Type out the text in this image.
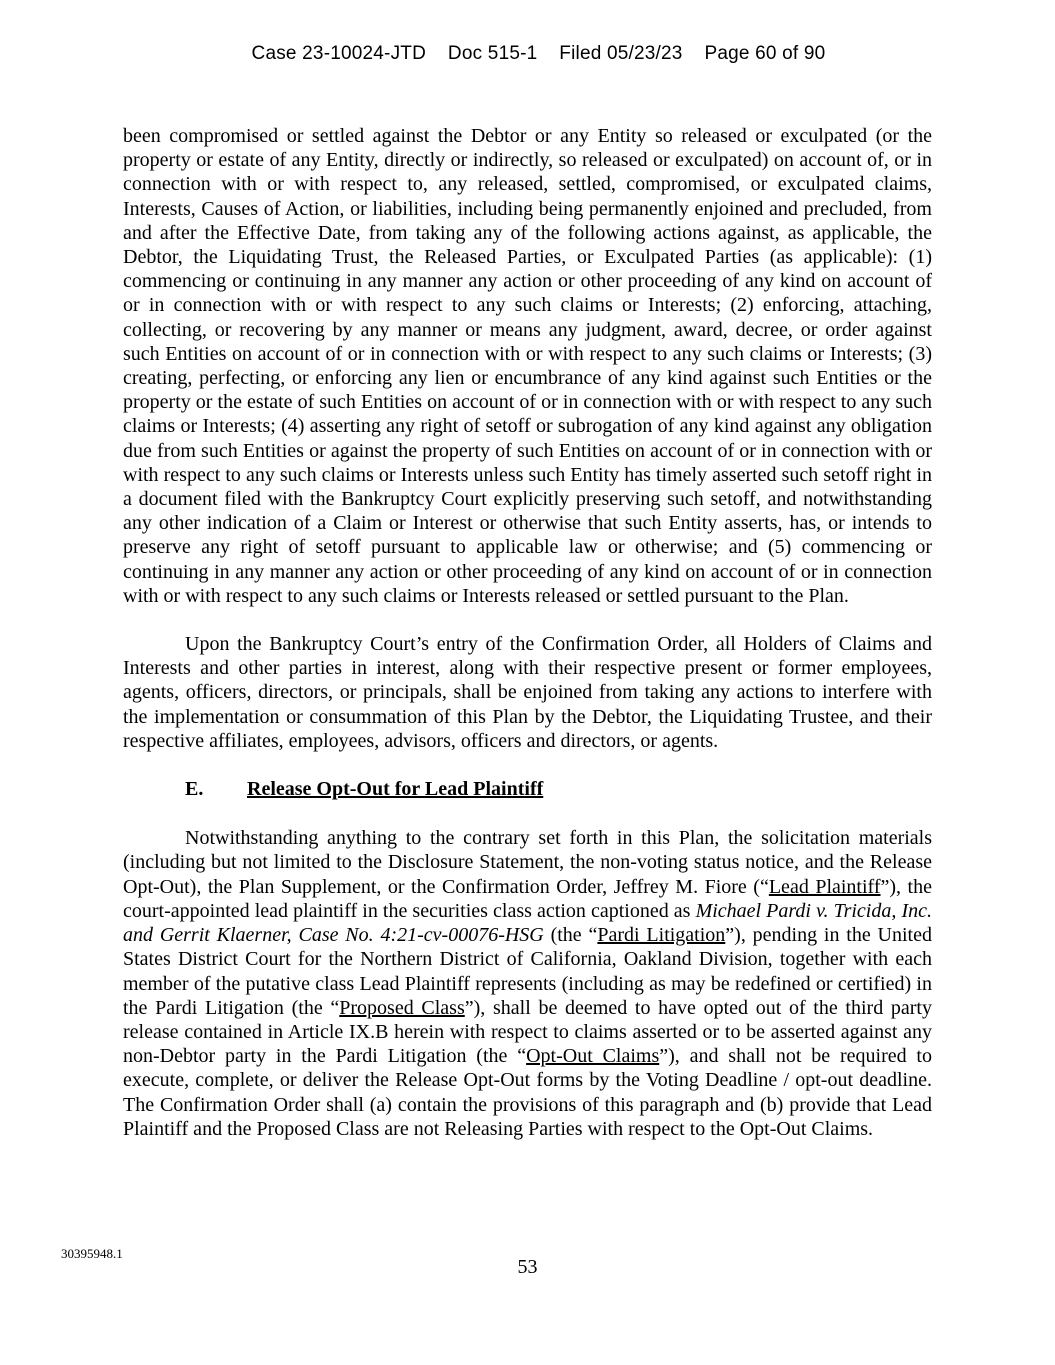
Case 23-10024-JTD    Doc 515-1    Filed 05/23/23    Page 60 of 90

been compromised or settled against the Debtor or any Entity so released or exculpated (or the property or estate of any Entity, directly or indirectly, so released or exculpated) on account of, or in connection with or with respect to, any released, settled, compromised, or exculpated claims, Interests, Causes of Action, or liabilities, including being permanently enjoined and precluded, from and after the Effective Date, from taking any of the following actions against, as applicable, the Debtor, the Liquidating Trust, the Released Parties, or Exculpated Parties (as applicable): (1) commencing or continuing in any manner any action or other proceeding of any kind on account of or in connection with or with respect to any such claims or Interests; (2) enforcing, attaching, collecting, or recovering by any manner or means any judgment, award, decree, or order against such Entities on account of or in connection with or with respect to any such claims or Interests; (3) creating, perfecting, or enforcing any lien or encumbrance of any kind against such Entities or the property or the estate of such Entities on account of or in connection with or with respect to any such claims or Interests; (4) asserting any right of setoff or subrogation of any kind against any obligation due from such Entities or against the property of such Entities on account of or in connection with or with respect to any such claims or Interests unless such Entity has timely asserted such setoff right in a document filed with the Bankruptcy Court explicitly preserving such setoff, and notwithstanding any other indication of a Claim or Interest or otherwise that such Entity asserts, has, or intends to preserve any right of setoff pursuant to applicable law or otherwise; and (5) commencing or continuing in any manner any action or other proceeding of any kind on account of or in connection with or with respect to any such claims or Interests released or settled pursuant to the Plan.

Upon the Bankruptcy Court’s entry of the Confirmation Order, all Holders of Claims and Interests and other parties in interest, along with their respective present or former employees, agents, officers, directors, or principals, shall be enjoined from taking any actions to interfere with the implementation or consummation of this Plan by the Debtor, the Liquidating Trustee, and their respective affiliates, employees, advisors, officers and directors, or agents.

E. Release Opt-Out for Lead Plaintiff

Notwithstanding anything to the contrary set forth in this Plan, the solicitation materials (including but not limited to the Disclosure Statement, the non-voting status notice, and the Release Opt-Out), the Plan Supplement, or the Confirmation Order, Jeffrey M. Fiore (“Lead Plaintiff”), the court-appointed lead plaintiff in the securities class action captioned as Michael Pardi v. Tricida, Inc. and Gerrit Klaerner, Case No. 4:21-cv-00076-HSG (the “Pardi Litigation”), pending in the United States District Court for the Northern District of California, Oakland Division, together with each member of the putative class Lead Plaintiff represents (including as may be redefined or certified) in the Pardi Litigation (the “Proposed Class”), shall be deemed to have opted out of the third party release contained in Article IX.B herein with respect to claims asserted or to be asserted against any non-Debtor party in the Pardi Litigation (the “Opt-Out Claims”), and shall not be required to execute, complete, or deliver the Release Opt-Out forms by the Voting Deadline / opt-out deadline. The Confirmation Order shall (a) contain the provisions of this paragraph and (b) provide that Lead Plaintiff and the Proposed Class are not Releasing Parties with respect to the Opt-Out Claims.

30395948.1
53
